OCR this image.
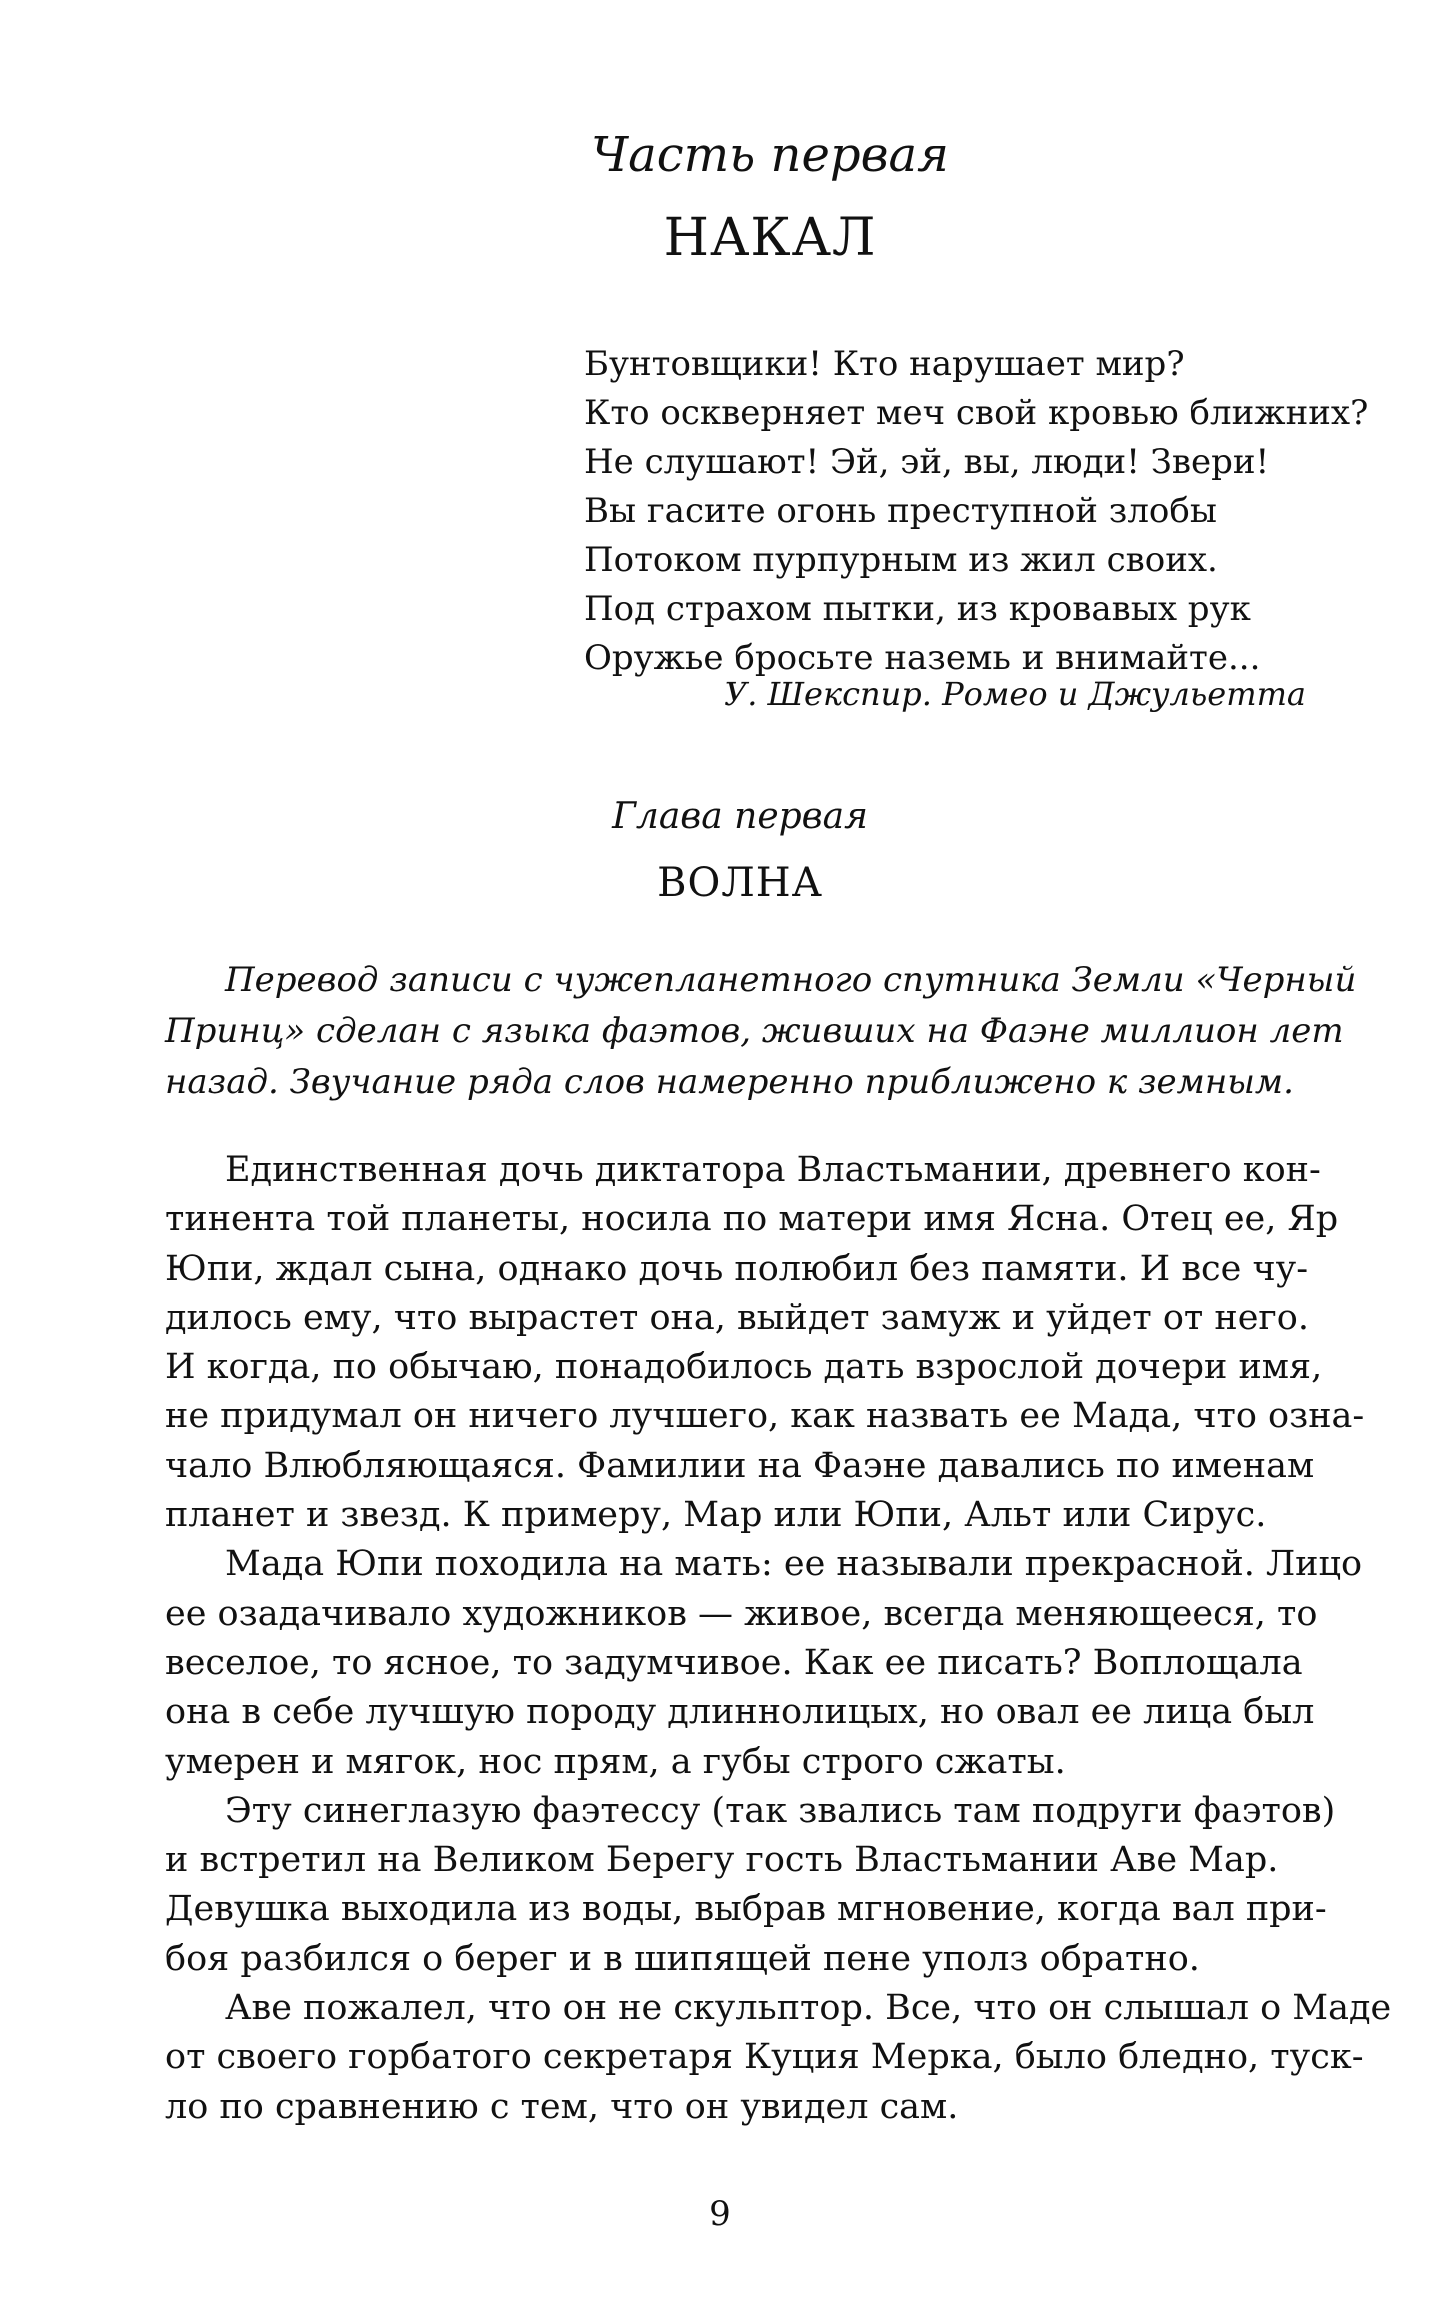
Часть первая
НАКАЛ
Бунтовщики! Кто нарушает мир?
Кто оскверняет меч свой кровью ближних?
Не слушают! Эй, эй, вы, люди! Звери!
Вы гасите огонь преступной злобы
Потоком пурпурным из жил своих.
Под страхом пытки, из кровавых рук
Оружье бросьте наземь и внимайте...
У. Шекспир. Ромео и Джульетта
Глава первая
ВОЛНА
Перевод записи с чужепланетного спутника Земли «Черный
Принц» сделан с языка фаэтов, живших на Фаэне миллион лет
назад. Звучание ряда слов намеренно приближено к земным.
Единственная дочь диктатора Властьмании, древнего кон-
тинента той планеты, носила по матери имя Ясна. Отец ее, Яр
Юпи, ждал сына, однако дочь полюбил без памяти. И все чу-
дилось ему, что вырастет она, выйдет замуж и уйдет от него.
И когда, по обычаю, понадобилось дать взрослой дочери имя,
не придумал он ничего лучшего, как назвать ее Мада, что озна-
чало Влюбляющаяся. Фамилии на Фаэне давались по именам
планет и звезд. К примеру, Мар или Юпи, Альт или Сирус.
Мада Юпи походила на мать: ее называли прекрасной. Лицо
ее озадачивало художников — живое, всегда меняющееся, то
веселое, то ясное, то задумчивое. Как ее писать? Воплощала
она в себе лучшую породу длиннолицых, но овал ее лица был
умерен и мягок, нос прям, а губы строго сжаты.
Эту синеглазую фаэтессу (так звались там подруги фаэтов)
и встретил на Великом Берегу гость Властьмании Аве Мар.
Девушка выходила из воды, выбрав мгновение, когда вал при-
боя разбился о берег и в шипящей пене уполз обратно.
Аве пожалел, что он не скульптор. Все, что он слышал о Маде
от своего горбатого секретаря Куция Мерка, было бледно, туск-
ло по сравнению с тем, что он увидел сам.
9
